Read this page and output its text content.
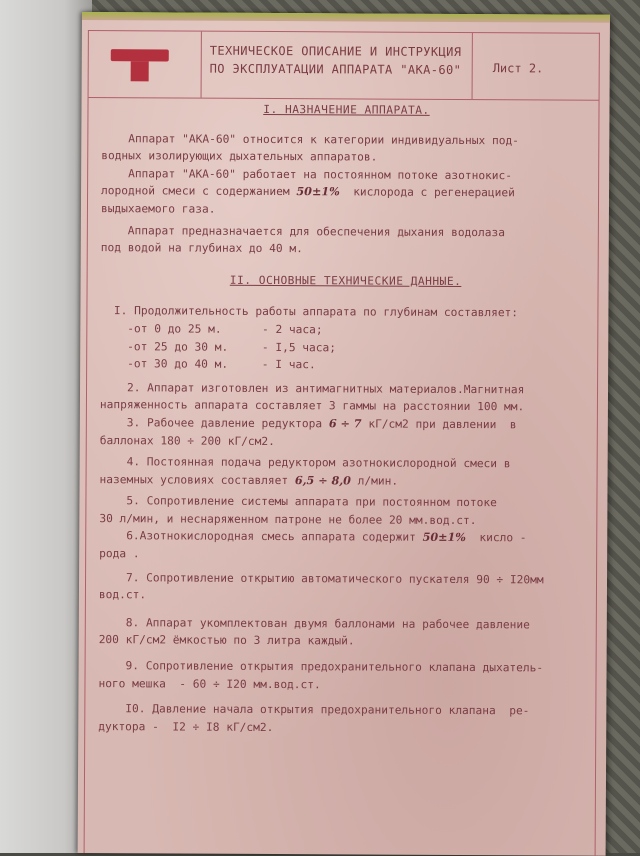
ТЕХНИЧЕСКОЕ ОПИСАНИЕ И ИНСТРУКЦИЯ
ПО ЭКСПЛУАТАЦИИ АППАРАТА "АКА-60"	Лист 2.

I. НАЗНАЧЕНИЕ АППАРАТА.

Аппарат "АКА-60" относится к категории индивидуальных под-
водных изолирующих дыхательных аппаратов.

Аппарат "АКА-60" работает на постоянном потоке азотнокис-
лородной смеси с содержанием 50±1%  кислорода с регенерацией
выдыхаемого газа.

Аппарат предназначается для обеспечения дыхания водолаза
под водой на глубинах до 40 м.

II. ОСНОВНЫЕ ТЕХНИЧЕСКИЕ ДАННЫЕ.

I. Продолжительность работы аппарата по глубинам составляет:
-от 0 до 25 м.      - 2 часа;
-от 25 до 30 м.     - I,5 часа;
-от 30 до 40 м.     - I час.

2. Аппарат изготовлен из антимагнитных материалов.Магнитная
напряженность аппарата составляет 3 гаммы на расстоянии 100 мм.

3. Рабочее давление редуктора 6 ÷ 7 кГ/см2 при давлении  в
баллонах 180 ÷ 200 кГ/см2.

4. Постоянная подача редуктором азотнокислородной смеси в
наземных условиях составляет 6,5 ÷ 8,0 л/мин.

5. Сопротивление системы аппарата при постоянном потоке
30 л/мин, и неснаряженном патроне не более 20 мм.вод.ст.

6.Азотнокислородная смесь аппарата содержит 50±1%  кисло -
рода .

7. Сопротивление открытию автоматического пускателя 90 ÷ I20мм
вод.ст.

8. Аппарат укомплектован двумя баллонами на рабочее давление
200 кГ/см2 ёмкостью по 3 литра каждый.

9. Сопротивление открытия предохранительного клапана дыхатель-
ного мешка  - 60 ÷ I20 мм.вод.ст.

I0. Давление начала открытия предохранительного клапана  ре-
дуктора -  I2 ÷ I8 кГ/см2.
